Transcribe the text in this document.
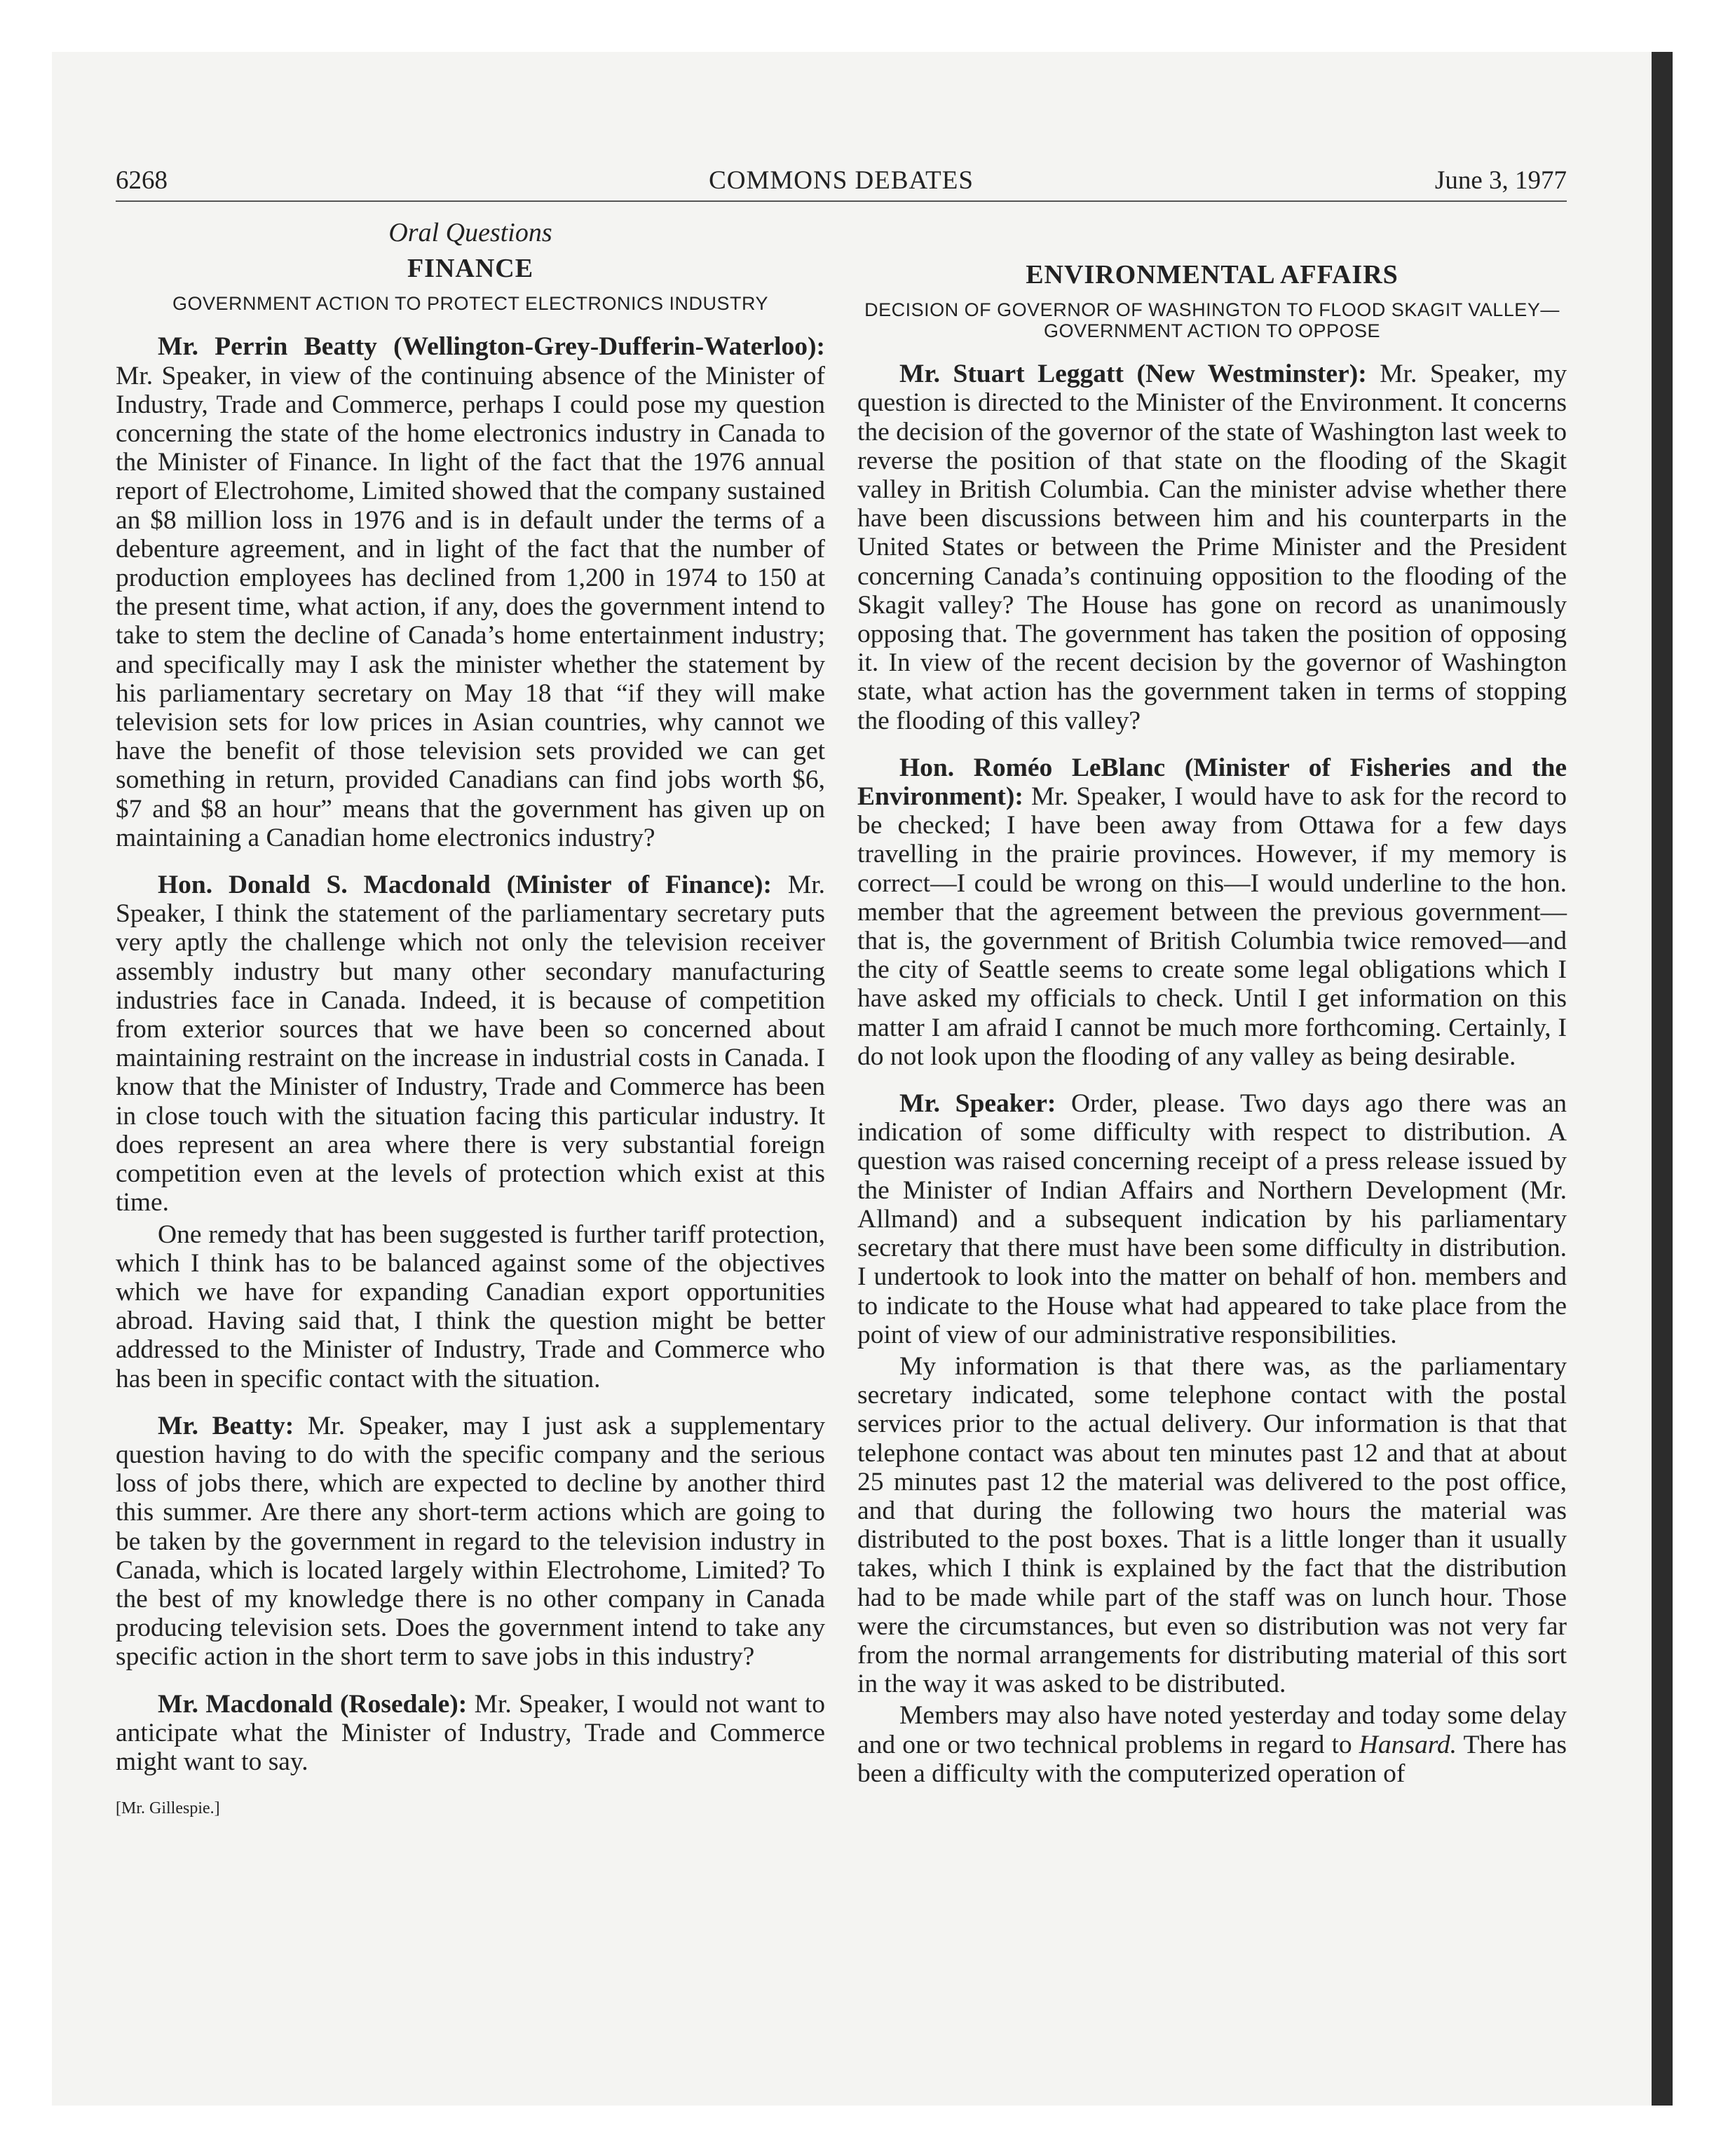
6268	COMMONS DEBATES	June 3, 1977
Oral Questions
FINANCE
GOVERNMENT ACTION TO PROTECT ELECTRONICS INDUSTRY

Mr. Perrin Beatty (Wellington-Grey-Dufferin-Waterloo): Mr. Speaker, in view of the continuing absence of the Minister of Industry, Trade and Commerce, perhaps I could pose my question concerning the state of the home electronics industry in Canada to the Minister of Finance. In light of the fact that the 1976 annual report of Electrohome, Limited showed that the company sustained an $8 million loss in 1976 and is in default under the terms of a debenture agreement, and in light of the fact that the number of production employees has declined from 1,200 in 1974 to 150 at the present time, what action, if any, does the government intend to take to stem the decline of Canada’s home entertainment industry; and specifically may I ask the minister whether the statement by his parliamentary secretary on May 18 that “if they will make television sets for low prices in Asian countries, why cannot we have the benefit of those television sets provided we can get something in return, provided Canadians can find jobs worth $6, $7 and $8 an hour” means that the government has given up on maintaining a Canadian home electronics industry?

Hon. Donald S. Macdonald (Minister of Finance): Mr. Speaker, I think the statement of the parliamentary secretary puts very aptly the challenge which not only the television receiver assembly industry but many other secondary manufacturing industries face in Canada. Indeed, it is because of competition from exterior sources that we have been so concerned about maintaining restraint on the increase in industrial costs in Canada. I know that the Minister of Industry, Trade and Commerce has been in close touch with the situation facing this particular industry. It does represent an area where there is very substantial foreign competition even at the levels of protection which exist at this time.

One remedy that has been suggested is further tariff protection, which I think has to be balanced against some of the objectives which we have for expanding Canadian export opportunities abroad. Having said that, I think the question might be better addressed to the Minister of Industry, Trade and Commerce who has been in specific contact with the situation.

Mr. Beatty: Mr. Speaker, may I just ask a supplementary question having to do with the specific company and the serious loss of jobs there, which are expected to decline by another third this summer. Are there any short-term actions which are going to be taken by the government in regard to the television industry in Canada, which is located largely within Electrohome, Limited? To the best of my knowledge there is no other company in Canada producing television sets. Does the government intend to take any specific action in the short term to save jobs in this industry?

Mr. Macdonald (Rosedale): Mr. Speaker, I would not want to anticipate what the Minister of Industry, Trade and Commerce might want to say.

[Mr. Gillespie.]
ENVIRONMENTAL AFFAIRS
DECISION OF GOVERNOR OF WASHINGTON TO FLOOD SKAGIT VALLEY—GOVERNMENT ACTION TO OPPOSE

Mr. Stuart Leggatt (New Westminster): Mr. Speaker, my question is directed to the Minister of the Environment. It concerns the decision of the governor of the state of Washington last week to reverse the position of that state on the flooding of the Skagit valley in British Columbia. Can the minister advise whether there have been discussions between him and his counterparts in the United States or between the Prime Minister and the President concerning Canada’s continuing opposition to the flooding of the Skagit valley? The House has gone on record as unanimously opposing that. The government has taken the position of opposing it. In view of the recent decision by the governor of Washington state, what action has the government taken in terms of stopping the flooding of this valley?

Hon. Roméo LeBlanc (Minister of Fisheries and the Environment): Mr. Speaker, I would have to ask for the record to be checked; I have been away from Ottawa for a few days travelling in the prairie provinces. However, if my memory is correct—I could be wrong on this—I would underline to the hon. member that the agreement between the previous government—that is, the government of British Columbia twice removed—and the city of Seattle seems to create some legal obligations which I have asked my officials to check. Until I get information on this matter I am afraid I cannot be much more forthcoming. Certainly, I do not look upon the flooding of any valley as being desirable.

Mr. Speaker: Order, please. Two days ago there was an indication of some difficulty with respect to distribution. A question was raised concerning receipt of a press release issued by the Minister of Indian Affairs and Northern Development (Mr. Allmand) and a subsequent indication by his parliamentary secretary that there must have been some difficulty in distribution. I undertook to look into the matter on behalf of hon. members and to indicate to the House what had appeared to take place from the point of view of our administrative responsibilities.

My information is that there was, as the parliamentary secretary indicated, some telephone contact with the postal services prior to the actual delivery. Our information is that that telephone contact was about ten minutes past 12 and that at about 25 minutes past 12 the material was delivered to the post office, and that during the following two hours the material was distributed to the post boxes. That is a little longer than it usually takes, which I think is explained by the fact that the distribution had to be made while part of the staff was on lunch hour. Those were the circumstances, but even so distribution was not very far from the normal arrangements for distributing material of this sort in the way it was asked to be distributed.

Members may also have noted yesterday and today some delay and one or two technical problems in regard to Hansard. There has been a difficulty with the computerized operation of
